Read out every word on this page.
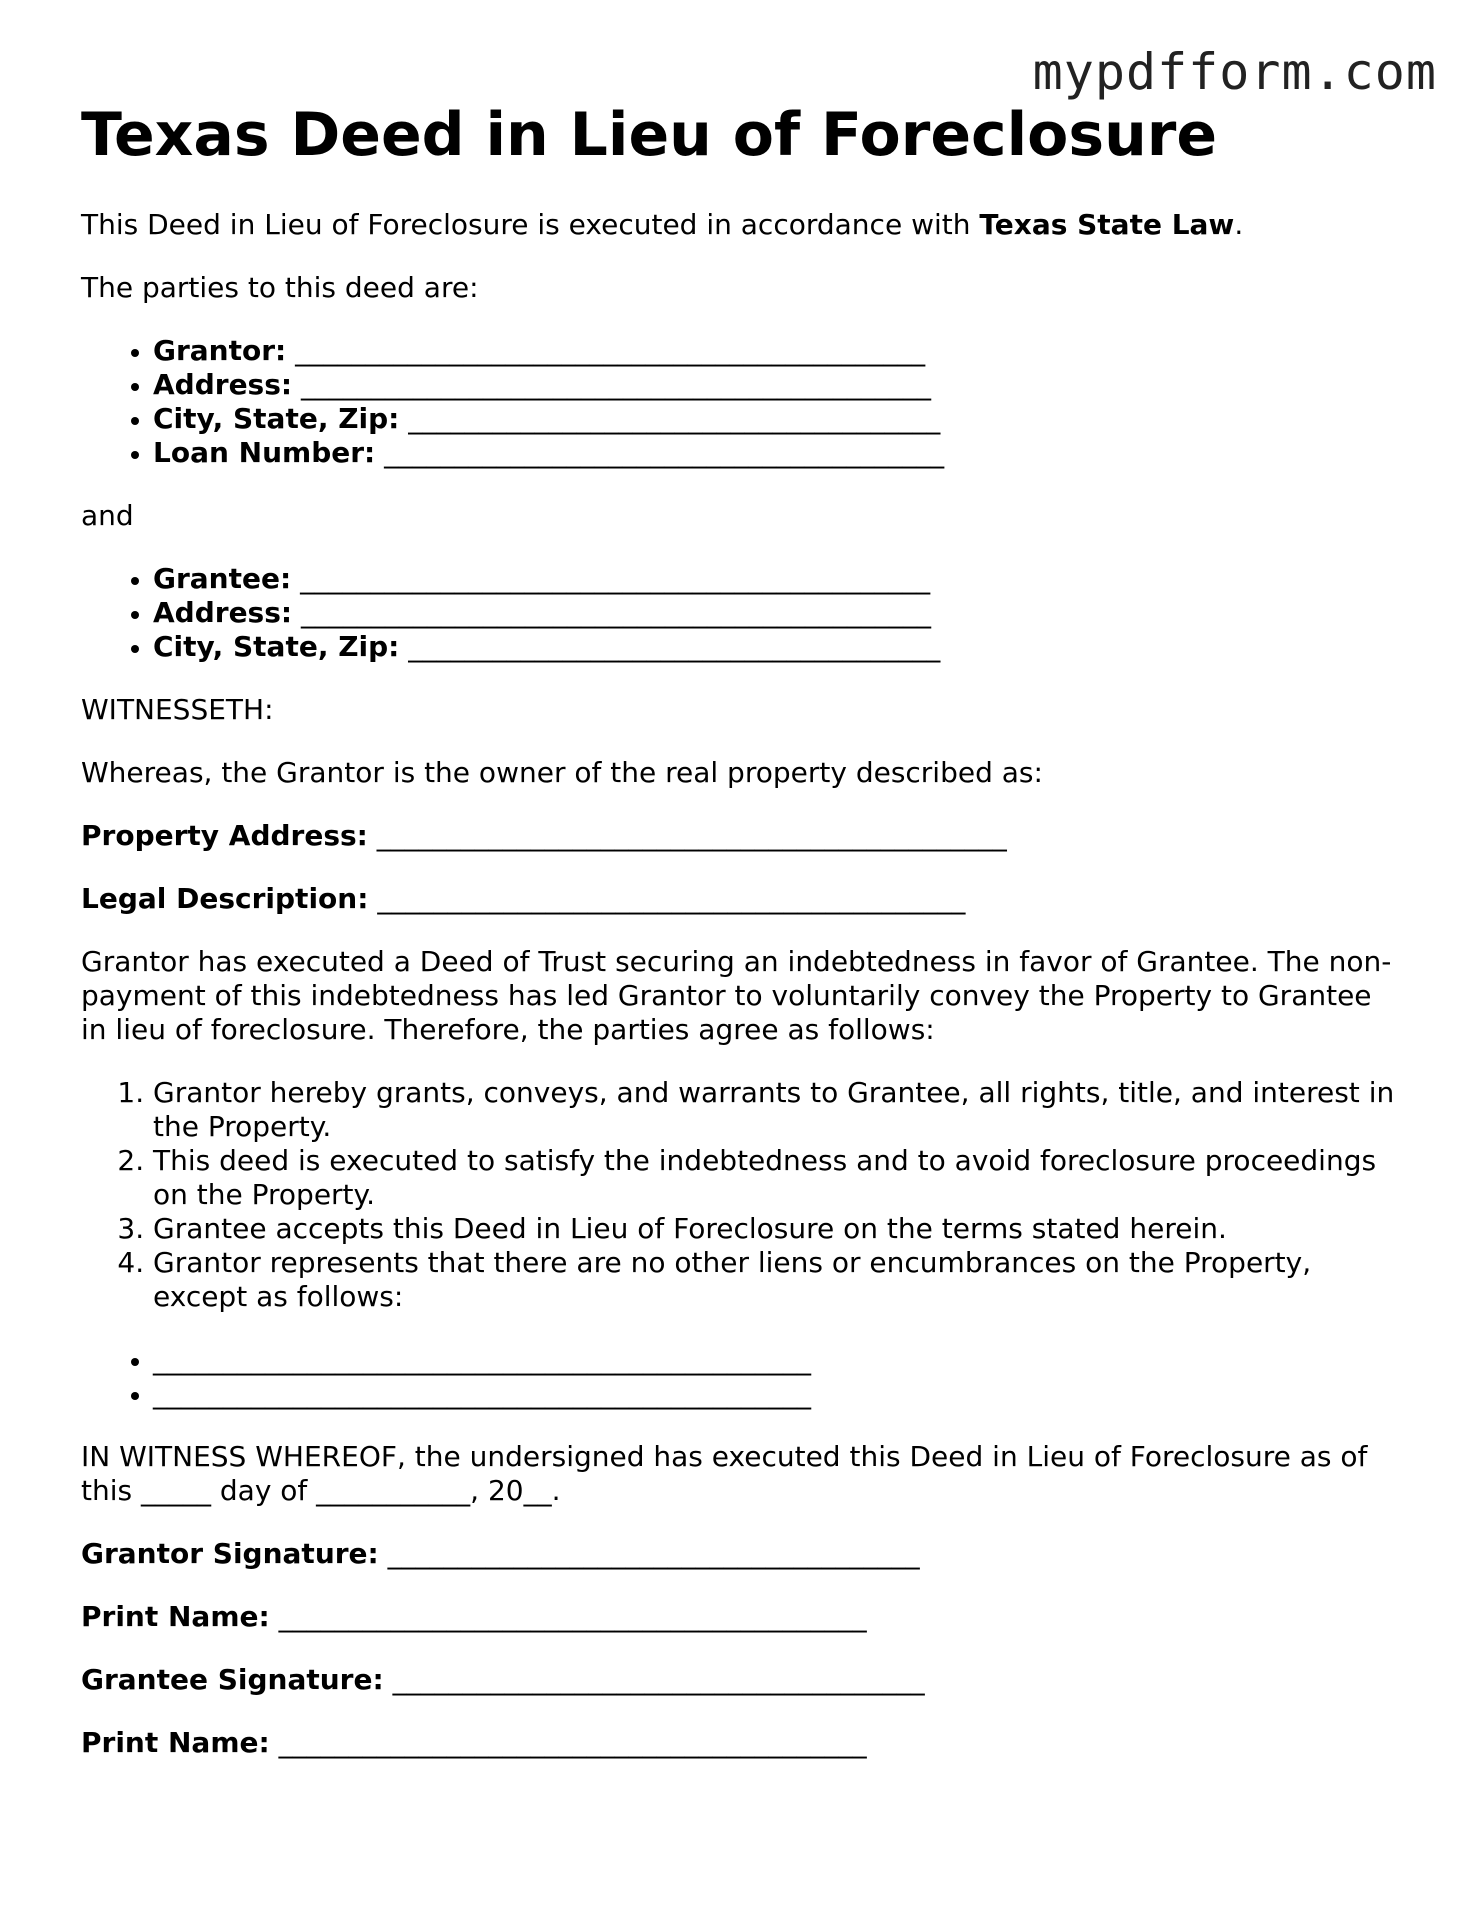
mypdfform.com
Texas Deed in Lieu of Foreclosure

This Deed in Lieu of Foreclosure is executed in accordance with Texas State Law.

The parties to this deed are:

• Grantor: _____________________________________________
• Address: _____________________________________________
• City, State, Zip: ______________________________________
• Loan Number: ________________________________________

and

• Grantee: _____________________________________________
• Address: _____________________________________________
• City, State, Zip: ______________________________________

WITNESSETH:

Whereas, the Grantor is the owner of the real property described as:

Property Address: _____________________________________________

Legal Description: __________________________________________

Grantor has executed a Deed of Trust securing an indebtedness in favor of Grantee. The non-payment of this indebtedness has led Grantor to voluntarily convey the Property to Grantee in lieu of foreclosure. Therefore, the parties agree as follows:

1. Grantor hereby grants, conveys, and warrants to Grantee, all rights, title, and interest in the Property.
2. This deed is executed to satisfy the indebtedness and to avoid foreclosure proceedings on the Property.
3. Grantee accepts this Deed in Lieu of Foreclosure on the terms stated herein.
4. Grantor represents that there are no other liens or encumbrances on the Property, except as follows:
• _______________________________________________
• _______________________________________________

IN WITNESS WHEREOF, the undersigned has executed this Deed in Lieu of Foreclosure as of this _____ day of ___________, 20__.

Grantor Signature: ______________________________________

Print Name: __________________________________________

Grantee Signature: ______________________________________

Print Name: __________________________________________
